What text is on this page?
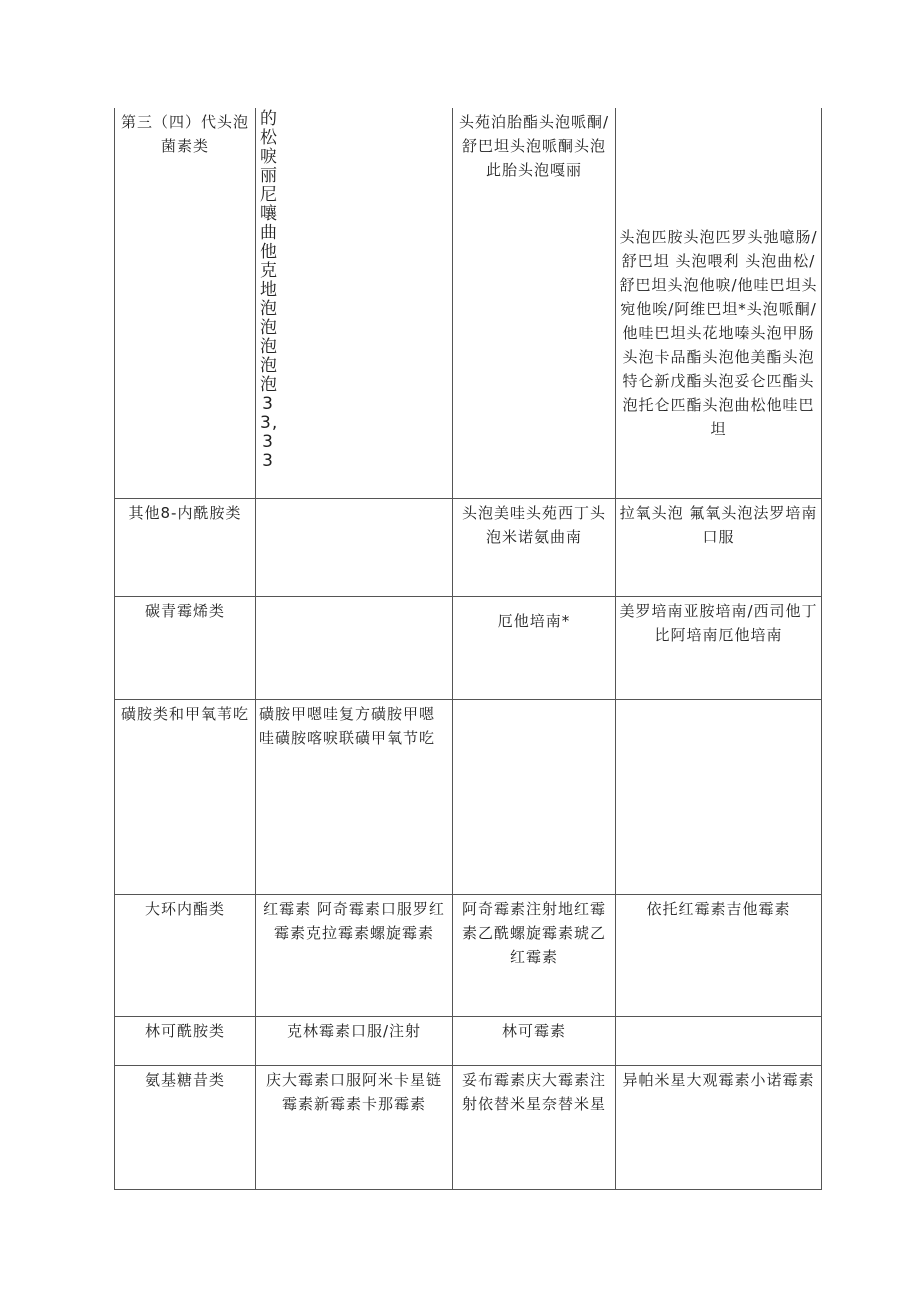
第三（四）代头泡菌素类	的松唳丽尼嚷曲他克地泡泡泡泡泡33,33	头苑泊胎酯头泡哌酮/舒巴坦头泡哌酮头泡此胎头泡嘎丽	头泡匹胺头泡匹罗头弛噫肠/舒巴坦 头泡喂利 头泡曲松/舒巴坦头泡他唳/他哇巴坦头宛他唉/阿维巴坦*头泡哌酮/他哇巴坦头花地嗪头泡甲肠头泡卡品酯头泡他美酯头泡特仑新戊酯头泡妥仑匹酯头泡托仑匹酯头泡曲松他哇巴坦
其他8-内酰胺类		头泡美哇头苑西丁头泡米诺氨曲南	拉氧头泡 氟氧头泡法罗培南口服
碳青霉烯类		厄他培南*	美罗培南亚胺培南/西司他丁比阿培南厄他培南
磺胺类和甲氧苇吃	磺胺甲嗯哇复方磺胺甲嗯哇磺胺喀唳联磺甲氧节吃		
大环内酯类	红霉素 阿奇霉素口服罗红霉素克拉霉素螺旋霉素	阿奇霉素注射地红霉素乙酰螺旋霉素琥乙红霉素	依托红霉素吉他霉素
林可酰胺类	克林霉素口服/注射	林可霉素	
氨基糖昔类	庆大霉素口服阿米卡星链霉素新霉素卡那霉素	妥布霉素庆大霉素注射依替米星奈替米星	异帕米星大观霉素小诺霉素
